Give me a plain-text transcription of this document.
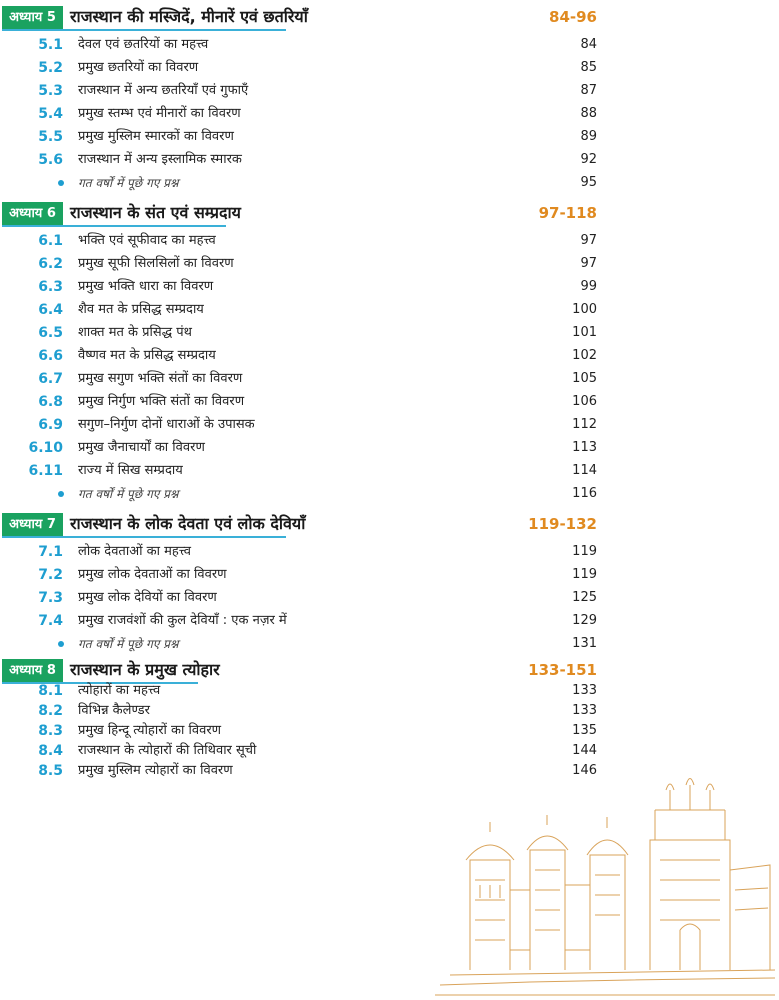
अध्याय 5 राजस्थान की मस्जिदें, मीनारें एवं छतरियाँ	84-96
5.1 देवल एवं छतरियों का महत्त्व	84
5.2 प्रमुख छतरियों का विवरण	85
5.3 राजस्थान में अन्य छतरियाँ एवं गुफाएँ	87
5.4 प्रमुख स्तम्भ एवं मीनारों का विवरण	88
5.5 प्रमुख मुस्लिम स्मारकों का विवरण	89
5.6 राजस्थान में अन्य इस्लामिक स्मारक	92
गत वर्षों में पूछे गए प्रश्न	95
अध्याय 6 राजस्थान के संत एवं सम्प्रदाय	97-118
6.1 भक्ति एवं सूफीवाद का महत्त्व	97
6.2 प्रमुख सूफी सिलसिलों का विवरण	97
6.3 प्रमुख भक्ति धारा का विवरण	99
6.4 शैव मत के प्रसिद्ध सम्प्रदाय	100
6.5 शाक्त मत के प्रसिद्ध पंथ	101
6.6 वैष्णव मत के प्रसिद्ध सम्प्रदाय	102
6.7 प्रमुख सगुण भक्ति संतों का विवरण	105
6.8 प्रमुख निर्गुण भक्ति संतों का विवरण	106
6.9 सगुण–निर्गुण दोनों धाराओं के उपासक	112
6.10 प्रमुख जैनाचार्यों का विवरण	113
6.11 राज्य में सिख सम्प्रदाय	114
गत वर्षों में पूछे गए प्रश्न	116
अध्याय 7 राजस्थान के लोक देवता एवं लोक देवियाँ	119-132
7.1 लोक देवताओं का महत्त्व	119
7.2 प्रमुख लोक देवताओं का विवरण	119
7.3 प्रमुख लोक देवियों का विवरण	125
7.4 प्रमुख राजवंशों की कुल देवियाँ : एक नज़र में	129
गत वर्षों में पूछे गए प्रश्न	131
अध्याय 8 राजस्थान के प्रमुख त्योहार	133-151
8.1 त्योहारों का महत्त्व	133
8.2 विभिन्न कैलेण्डर	133
8.3 प्रमुख हिन्दू त्योहारों का विवरण	135
8.4 राजस्थान के त्योहारों की तिथिवार सूची	144
8.5 प्रमुख मुस्लिम त्योहारों का विवरण	146
